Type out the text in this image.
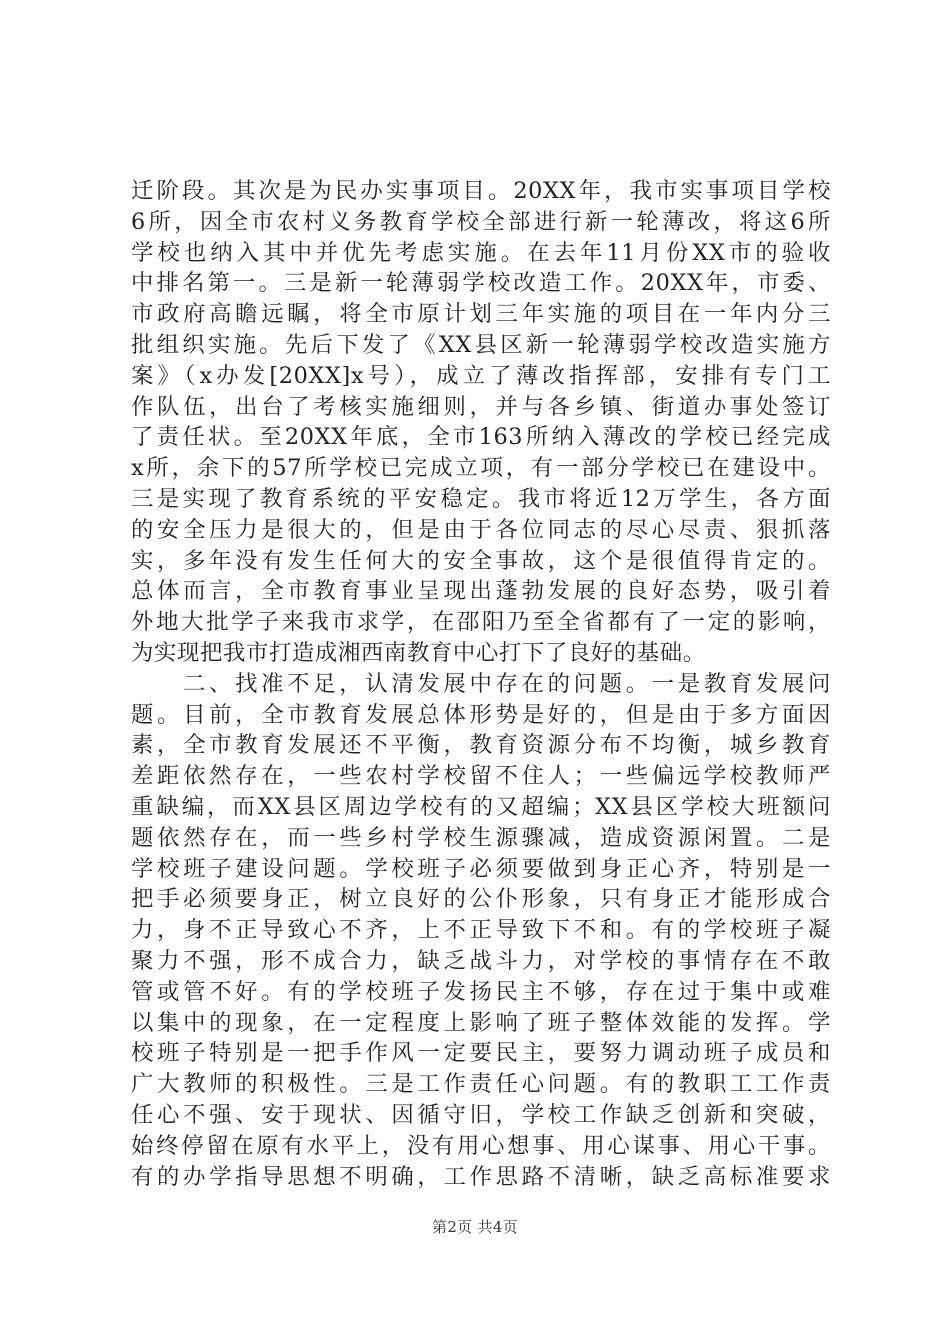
迁阶段。其次是为民办实事项目。20XX年，我市实事项目学校
6所，因全市农村义务教育学校全部进行新一轮薄改，将这6所
学校也纳入其中并优先考虑实施。在去年11月份XX市的验收
中排名第一。三是新一轮薄弱学校改造工作。20XX年，市委、
市政府高瞻远瞩，将全市原计划三年实施的项目在一年内分三
批组织实施。先后下发了《XX县区新一轮薄弱学校改造实施方
案》（x办发[20XX]x号），成立了薄改指挥部，安排有专门工
作队伍，出台了考核实施细则，并与各乡镇、街道办事处签订
了责任状。至20XX年底，全市163所纳入薄改的学校已经完成
x所，余下的57所学校已完成立项，有一部分学校已在建设中。
三是实现了教育系统的平安稳定。我市将近12万学生，各方面
的安全压力是很大的，但是由于各位同志的尽心尽责、狠抓落
实，多年没有发生任何大的安全事故，这个是很值得肯定的。
总体而言，全市教育事业呈现出蓬勃发展的良好态势，吸引着
外地大批学子来我市求学，在邵阳乃至全省都有了一定的影响，
为实现把我市打造成湘西南教育中心打下了良好的基础。
二、找准不足，认清发展中存在的问题。一是教育发展问
题。目前，全市教育发展总体形势是好的，但是由于多方面因
素，全市教育发展还不平衡，教育资源分布不均衡，城乡教育
差距依然存在，一些农村学校留不住人；一些偏远学校教师严
重缺编，而XX县区周边学校有的又超编；XX县区学校大班额问
题依然存在，而一些乡村学校生源骤减，造成资源闲置。二是
学校班子建设问题。学校班子必须要做到身正心齐，特别是一
把手必须要身正，树立良好的公仆形象，只有身正才能形成合
力，身不正导致心不齐，上不正导致下不和。有的学校班子凝
聚力不强，形不成合力，缺乏战斗力，对学校的事情存在不敢
管或管不好。有的学校班子发扬民主不够，存在过于集中或难
以集中的现象，在一定程度上影响了班子整体效能的发挥。学
校班子特别是一把手作风一定要民主，要努力调动班子成员和
广大教师的积极性。三是工作责任心问题。有的教职工工作责
任心不强、安于现状、因循守旧，学校工作缺乏创新和突破，
始终停留在原有水平上，没有用心想事、用心谋事、用心干事。
有的办学指导思想不明确，工作思路不清晰，缺乏高标准要求
第2页 共4页
